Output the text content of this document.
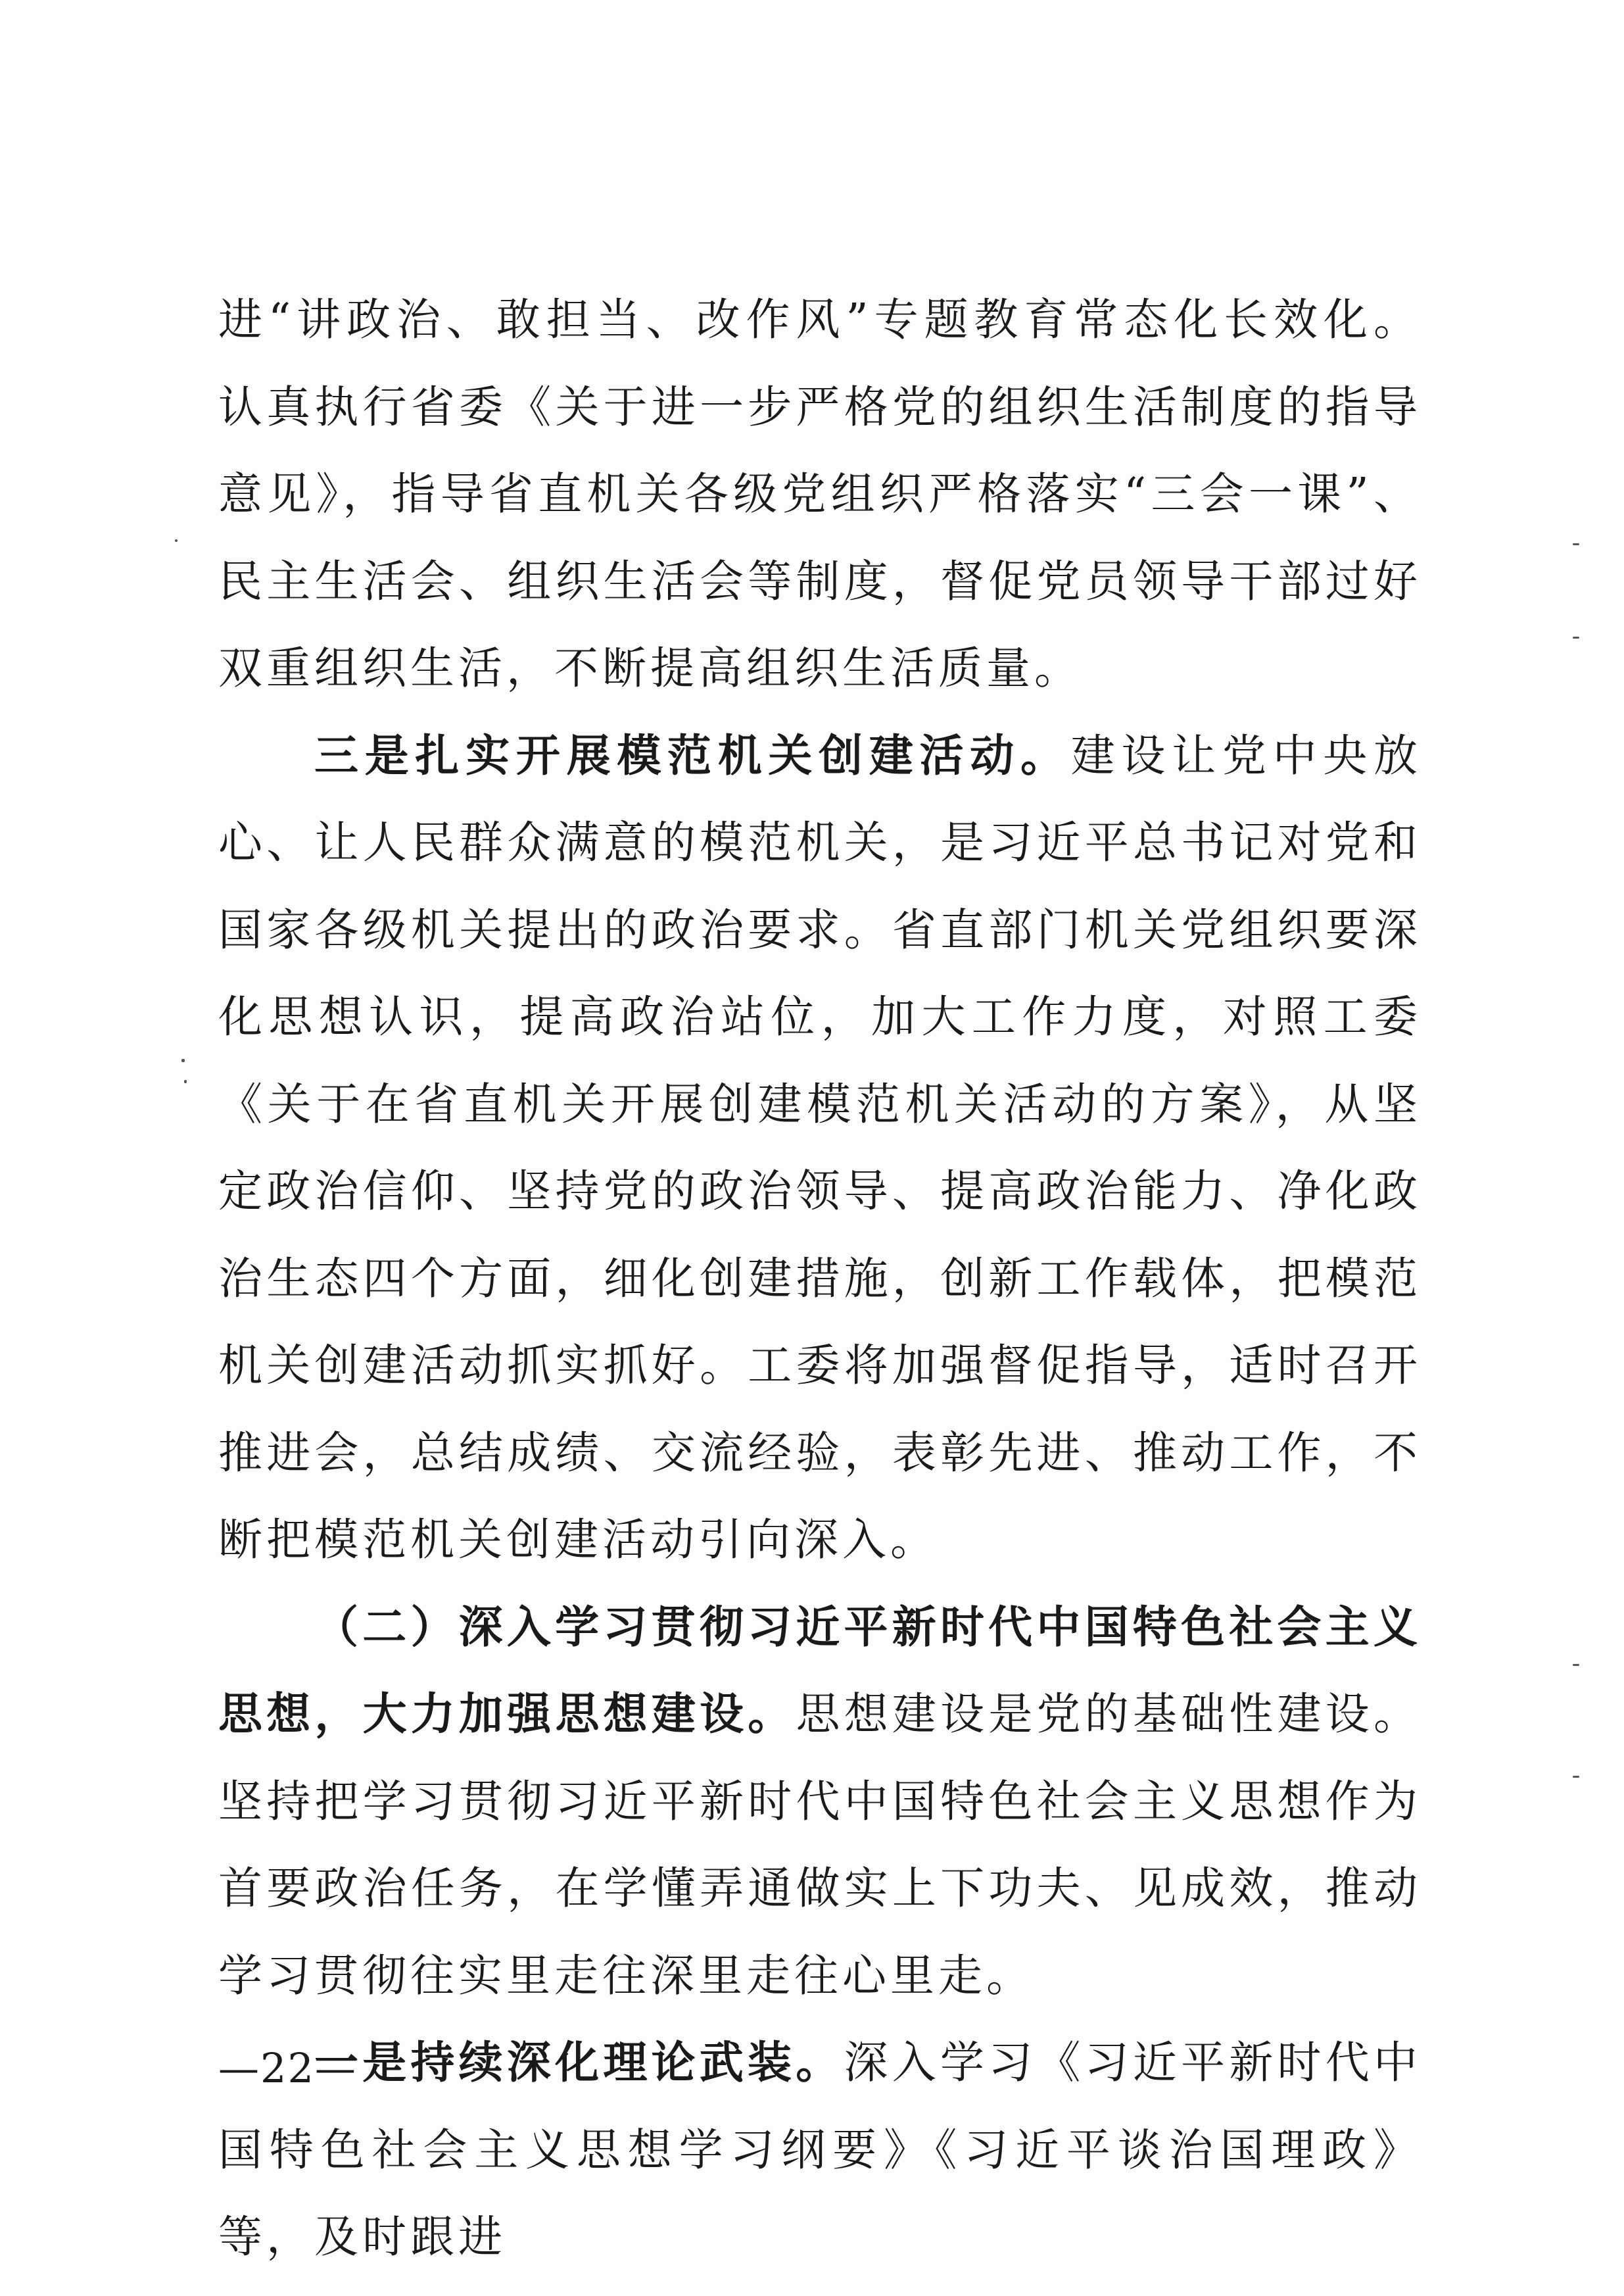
进“讲政治、敢担当、改作风”专题教育常态化长效化。认真执行省委《关于进一步严格党的组织生活制度的指导意见》，指导省直机关各级党组织严格落实“三会一课”、民主生活会、组织生活会等制度，督促党员领导干部过好双重组织生活，不断提高组织生活质量。

三是扎实开展模范机关创建活动。建设让党中央放心、让人民群众满意的模范机关，是习近平总书记对党和国家各级机关提出的政治要求。省直部门机关党组织要深化思想认识，提高政治站位，加大工作力度，对照工委《关于在省直机关开展创建模范机关活动的方案》，从坚定政治信仰、坚持党的政治领导、提高政治能力、净化政治生态四个方面，细化创建措施，创新工作载体，把模范机关创建活动抓实抓好。工委将加强督促指导，适时召开推进会，总结成绩、交流经验，表彰先进、推动工作，不断把模范机关创建活动引向深入。

（二）深入学习贯彻习近平新时代中国特色社会主义思想，大力加强思想建设。思想建设是党的基础性建设。坚持把学习贯彻习近平新时代中国特色社会主义思想作为首要政治任务，在学懂弄通做实上下功夫、见成效，推动学习贯彻往实里走往深里走往心里走。

一是持续深化理论武装。深入学习《习近平新时代中国特色社会主义思想学习纲要》《习近平谈治国理政》等，及时跟进

—22—
